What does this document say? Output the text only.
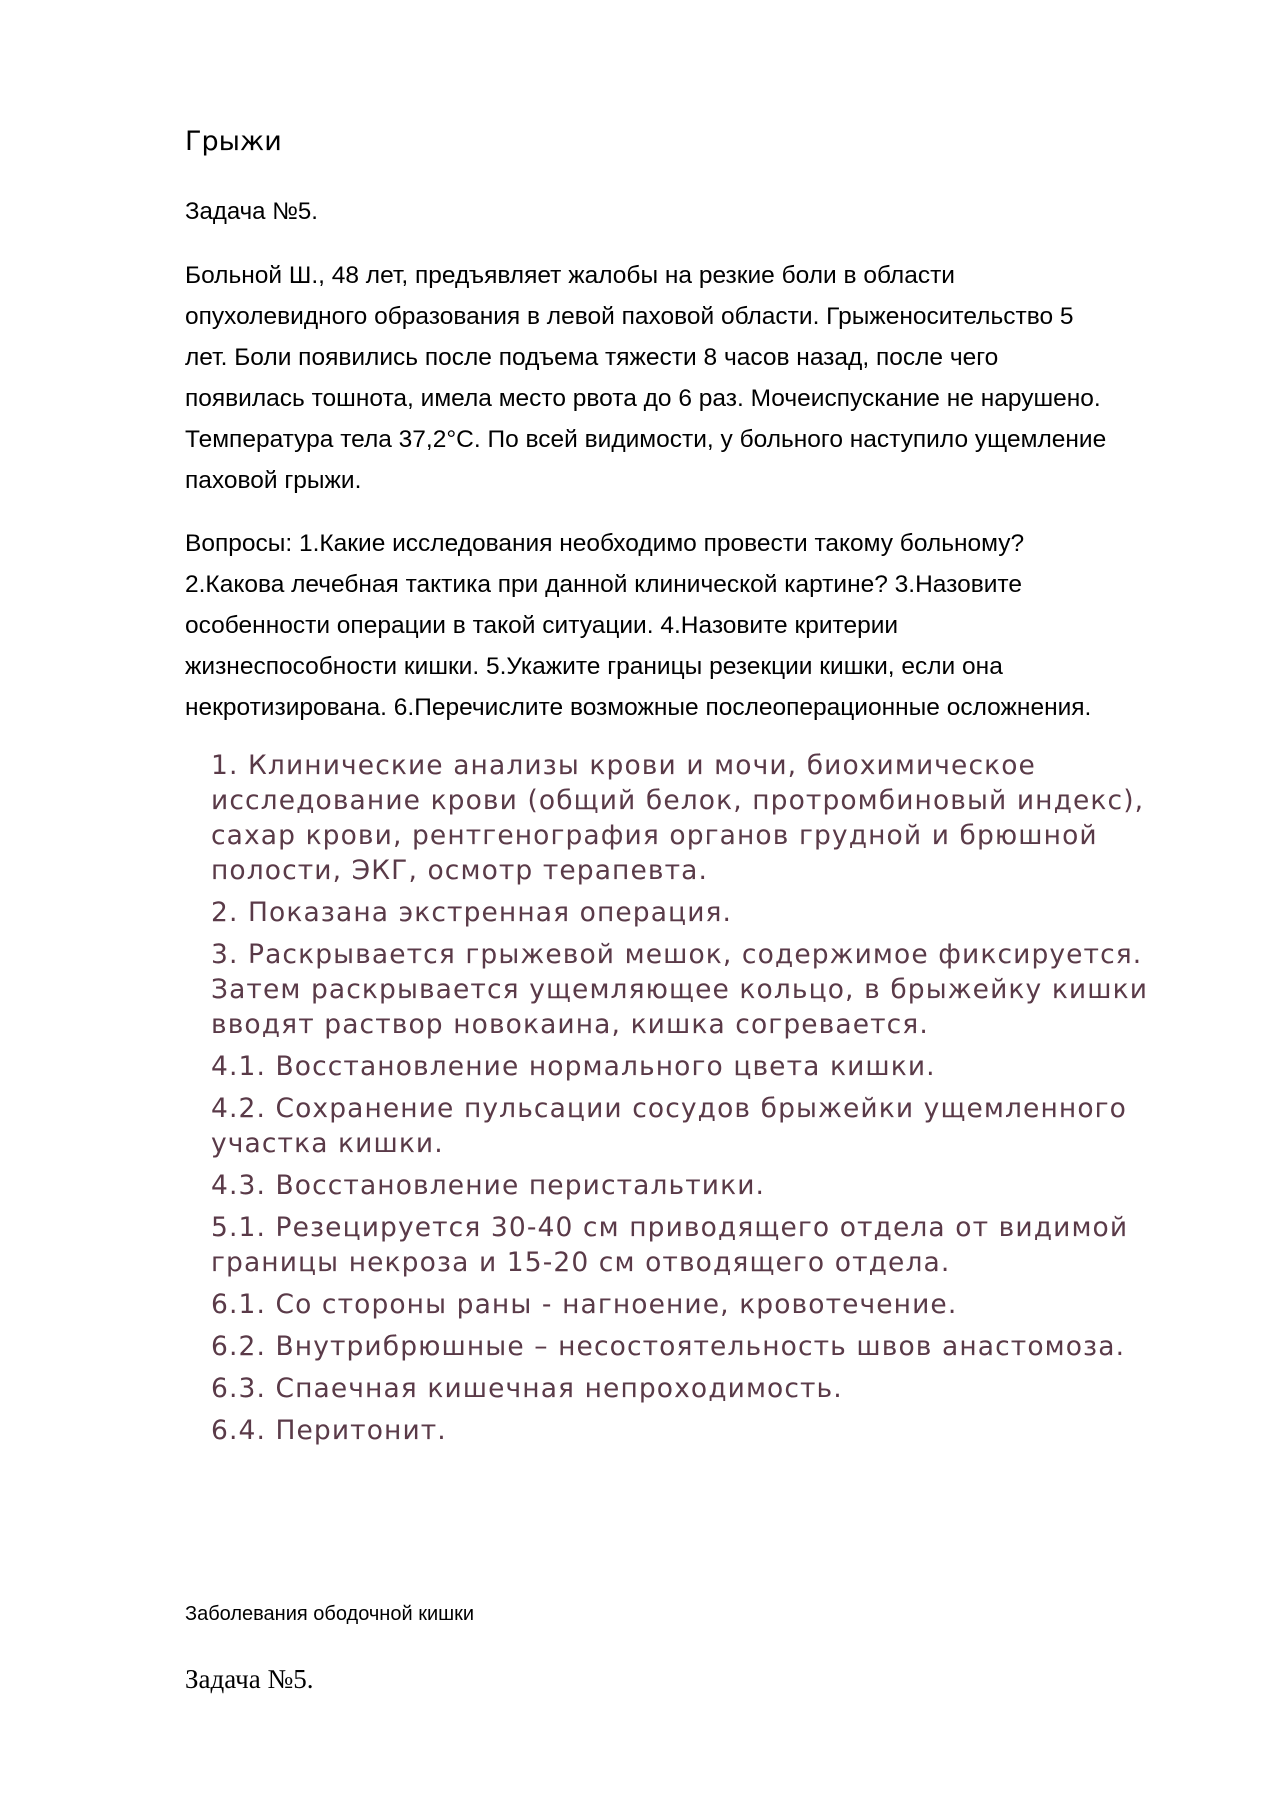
Грыжи

Задача №5.

Больной Ш., 48 лет, предъявляет жалобы на резкие боли в области
опухолевидного образования в левой паховой области. Грыженосительство 5
лет. Боли появились после подъема тяжести 8 часов назад, после чего
появилась тошнота, имела место рвота до 6 раз. Мочеиспускание не нарушено.
Температура тела 37,2°С. По всей видимости, у больного наступило ущемление
паховой грыжи.

Вопросы: 1.Какие исследования необходимо провести такому больному?
2.Какова лечебная тактика при данной клинической картине? 3.Назовите
особенности операции в такой ситуации. 4.Назовите критерии
жизнеспособности кишки. 5.Укажите границы резекции кишки, если она
некротизирована. 6.Перечислите возможные послеоперационные осложнения.

1. Клинические анализы крови и мочи, биохимическое исследование крови (общий белок, протромбиновый индекс), сахар крови, рентгенография органов грудной и брюшной полости, ЭКГ, осмотр терапевта.

2. Показана экстренная операция.

3. Раскрывается грыжевой мешок, содержимое фиксируется. Затем раскрывается ущемляющее кольцо, в брыжейку кишки вводят раствор новокаина, кишка согревается.

4.1. Восстановление нормального цвета кишки.

4.2. Сохранение пульсации сосудов брыжейки ущемленного участка кишки.

4.3. Восстановление перистальтики.

5.1. Резецируется 30-40 см приводящего отдела от видимой границы некроза и 15-20 см отводящего отдела.

6.1. Со стороны раны - нагноение, кровотечение.

6.2. Внутрибрюшные – несостоятельность швов анастомоза.

6.3. Спаечная кишечная непроходимость.

6.4. Перитонит.

Заболевания ободочной кишки

Задача №5.
